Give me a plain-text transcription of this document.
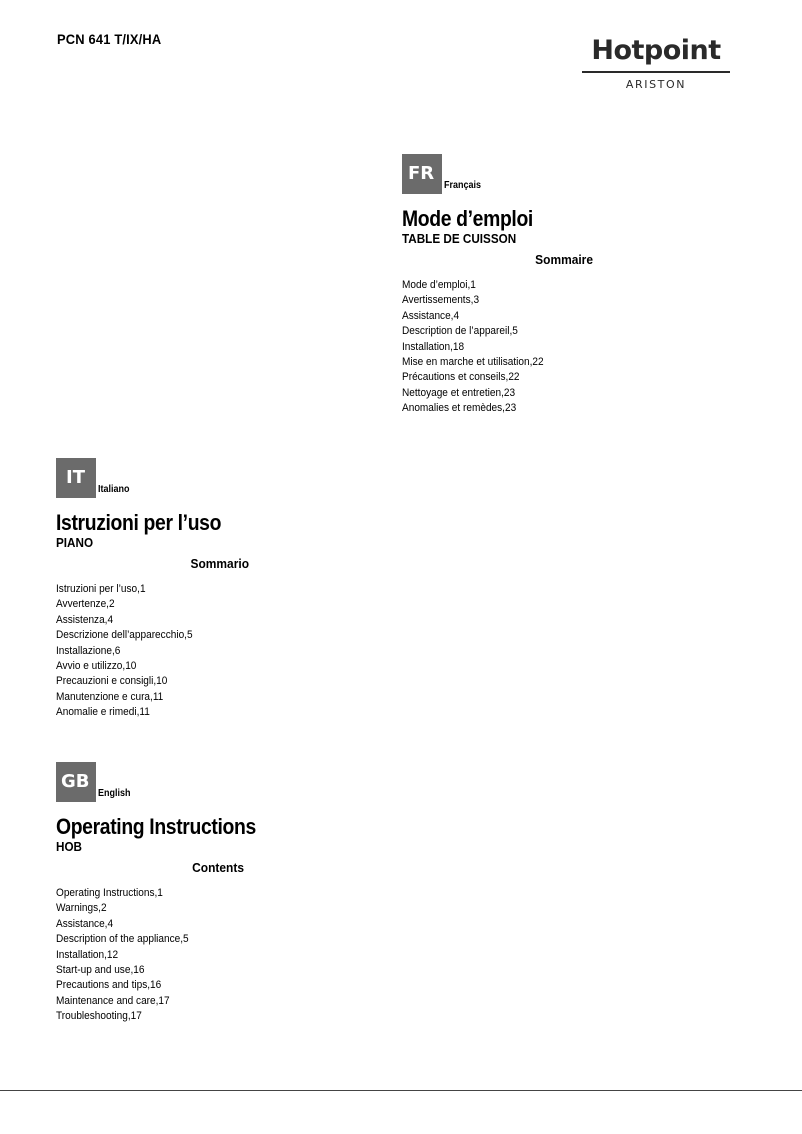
PCN 641 T/IX/HA	Hotpoint
ARISTON
FR
Français
Mode d’emploi
TABLE DE CUISSON
Sommaire
Mode d’emploi,1
Avertissements,3
Assistance,4
Description de l’appareil,5
Installation,18
Mise en marche et utilisation,22
Précautions et conseils,22
Nettoyage et entretien,23
Anomalies et remèdes,23
IT
Italiano
Istruzioni per l’uso
PIANO
Sommario
Istruzioni per l’uso,1
Avvertenze,2
Assistenza,4
Descrizione dell’apparecchio,5
Installazione,6
Avvio e utilizzo,10
Precauzioni e consigli,10
Manutenzione e cura,11
Anomalie e rimedi,11
GB
English
Operating Instructions
HOB
Contents
Operating Instructions,1
Warnings,2
Assistance,4
Description of the appliance,5
Installation,12
Start-up and use,16
Precautions and tips,16
Maintenance and care,17
Troubleshooting,17
